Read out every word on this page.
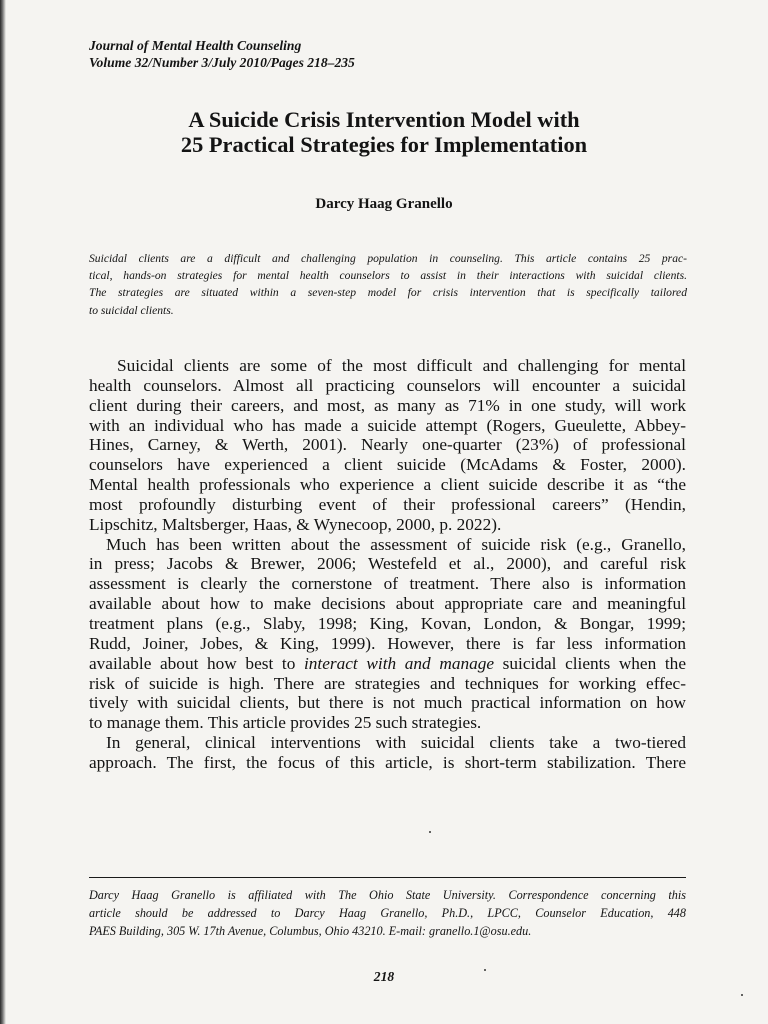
Journal of Mental Health Counseling
Volume 32/Number 3/July 2010/Pages 218–235
A Suicide Crisis Intervention Model with
25 Practical Strategies for Implementation
Darcy Haag Granello
Suicidal clients are a difficult and challenging population in counseling. This article contains 25 prac-
tical, hands-on strategies for mental health counselors to assist in their interactions with suicidal clients.
The strategies are situated within a seven-step model for crisis intervention that is specifically tailored
to suicidal clients.
Suicidal clients are some of the most difficult and challenging for mental
health counselors. Almost all practicing counselors will encounter a suicidal
client during their careers, and most, as many as 71% in one study, will work
with an individual who has made a suicide attempt (Rogers, Gueulette, Abbey-
Hines, Carney, & Werth, 2001). Nearly one-quarter (23%) of professional
counselors have experienced a client suicide (McAdams & Foster, 2000).
Mental health professionals who experience a client suicide describe it as “the
most profoundly disturbing event of their professional careers” (Hendin,
Lipschitz, Maltsberger, Haas, & Wynecoop, 2000, p. 2022).
Much has been written about the assessment of suicide risk (e.g., Granello,
in press; Jacobs & Brewer, 2006; Westefeld et al., 2000), and careful risk
assessment is clearly the cornerstone of treatment. There also is information
available about how to make decisions about appropriate care and meaningful
treatment plans (e.g., Slaby, 1998; King, Kovan, London, & Bongar, 1999;
Rudd, Joiner, Jobes, & King, 1999). However, there is far less information
available about how best to interact with and manage suicidal clients when the
risk of suicide is high. There are strategies and techniques for working effec-
tively with suicidal clients, but there is not much practical information on how
to manage them. This article provides 25 such strategies.
In general, clinical interventions with suicidal clients take a two-tiered
approach. The first, the focus of this article, is short-term stabilization. There
Darcy Haag Granello is affiliated with The Ohio State University. Correspondence concerning this
article should be addressed to Darcy Haag Granello, Ph.D., LPCC, Counselor Education, 448
PAES Building, 305 W. 17th Avenue, Columbus, Ohio 43210. E-mail: granello.1@osu.edu.
218
